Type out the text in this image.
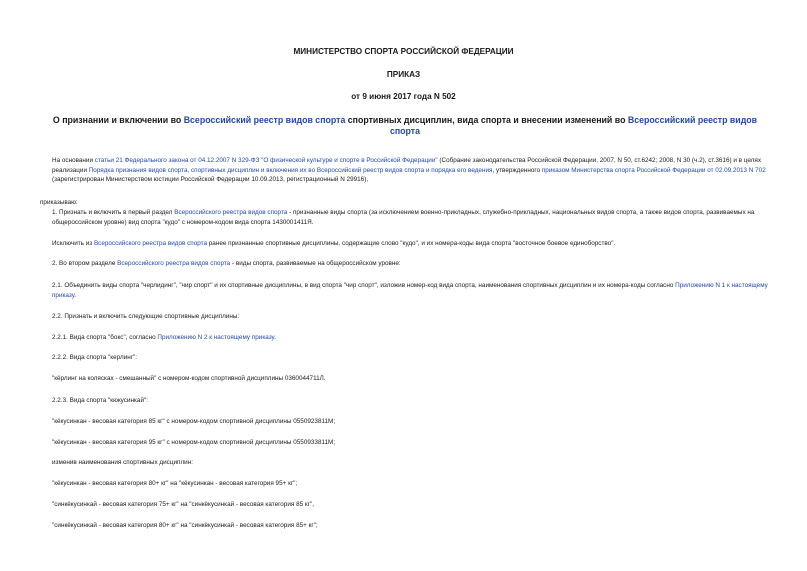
МИНИСТЕРСТВО СПОРТА РОССИЙСКОЙ ФЕДЕРАЦИИ
ПРИКАЗ
от 9 июня 2017 года N 502
О признании и включении во Всероссийский реестр видов спорта спортивных дисциплин, вида спорта и внесении изменений во Всероссийский реестр видов спорта
На основании статьи 21 Федерального закона от 04.12.2007 N 329-ФЗ "О физической культуре и спорте в Российской Федерации" (Собрание законодательства Российской Федерации, 2007, N 50, ст.6242; 2008, N 30 (ч.2), ст.3616) и в целях реализации Порядка признания видов спорта, спортивных дисциплин и включения их во Всероссийский реестр видов спорта и порядка его ведения, утвержденного приказом Министерства спорта Российской Федерации от 02.09.2013 N 702 (зарегистрирован Министерством юстиции Российской Федерации 10.09.2013, регистрационный N 29916),
приказываю:
1. Признать и включить в первый раздел Всероссийского реестра видов спорта - признанные виды спорта (за исключением военно-прикладных, служебно-прикладных, национальных видов спорта, а также видов спорта, развиваемых на общероссийском уровне) вид спорта "кудо" с номером-кодом вида спорта 1430001411Я.
Исключить из Всероссийского реестра видов спорта ранее признанные спортивные дисциплины, содержащие слово "кудо", и их номера-коды вида спорта "восточное боевое единоборство".
2. Во втором разделе Всероссийского реестра видов спорта - виды спорта, развиваемые на общероссийском уровне:
2.1. Объединить виды спорта "черлидинг", "чир спорт" и их спортивные дисциплины, в вид спорта "чир спорт", изложив номер-код вида спорта, наименования спортивных дисциплин и их номера-коды согласно Приложению N 1 к настоящему приказу.
2.2. Признать и включить следующие спортивные дисциплины:
2.2.1. Вида спорта "бокс", согласно Приложению N 2 к настоящему приказу.
2.2.2. Вида спорта "керлинг":
"кёрлинг на колясках - смешанный" с номером-кодом спортивной дисциплины 0360044711Л.
2.2.3. Вида спорта "кюкусинкай":
"кёкусинкан - весовая категория 85 кг" с номером-кодом спортивной дисциплины 0550923811М;
"кёкусинкан - весовая категория 95 кг" с номером-кодом спортивной дисциплины 0550933811М;
изменив наименования спортивных дисциплин:
"кёкусинкан - весовая категория 80+ кг" на "кёкусинкан - весовая категория 95+ кг";
"синкёкусинкай - весовая категория 75+ кг" на "синкёкусинкай - весовая категория 85 кг",
"синкёкусинкай - весовая категория 80+ кг" на "синкёкусинкай - весовая категория 85+ кг";
